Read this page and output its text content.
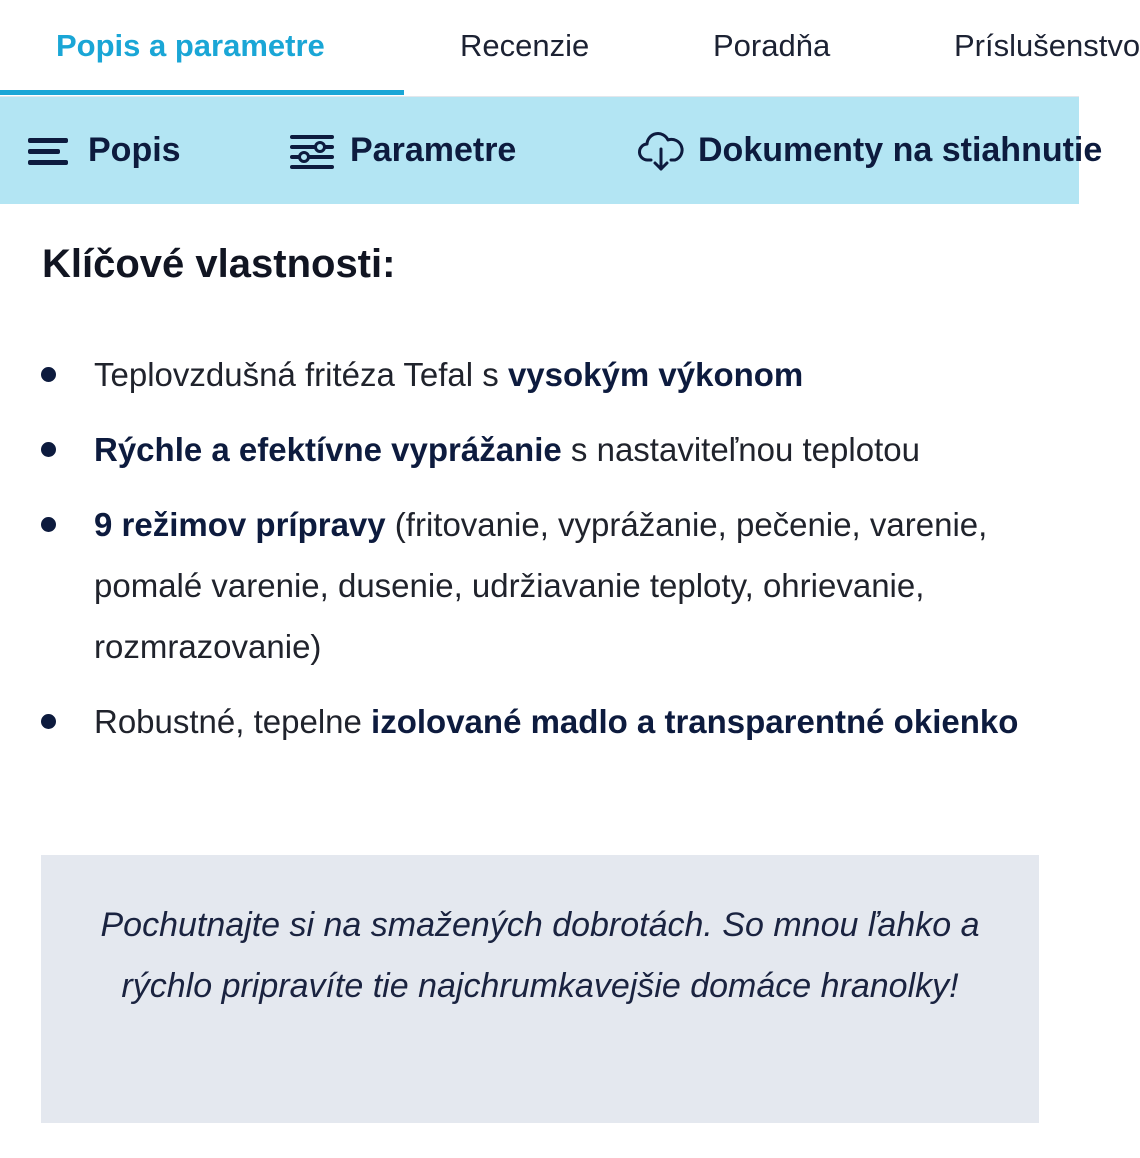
Popis a parametre	Recenzie	Poradňa	Príslušenstvo
Popis	Parametre	Dokumenty na stiahnutie
Klíčové vlastnosti:
Teplovzdušná fritéza Tefal s vysokým výkonom
Rýchle a efektívne vyprážanie s nastaviteľnou teplotou
9 režimov prípravy (fritovanie, vyprážanie, pečenie, varenie, pomalé varenie, dusenie, udržiavanie teploty, ohrievanie, rozmrazovanie)
Robustné, tepelne izolované madlo a transparentné okienko
Pochutnajte si na smažených dobrotách. So mnou ľahko a rýchlo pripravíte tie najchrumkavejšie domáce hranolky!
